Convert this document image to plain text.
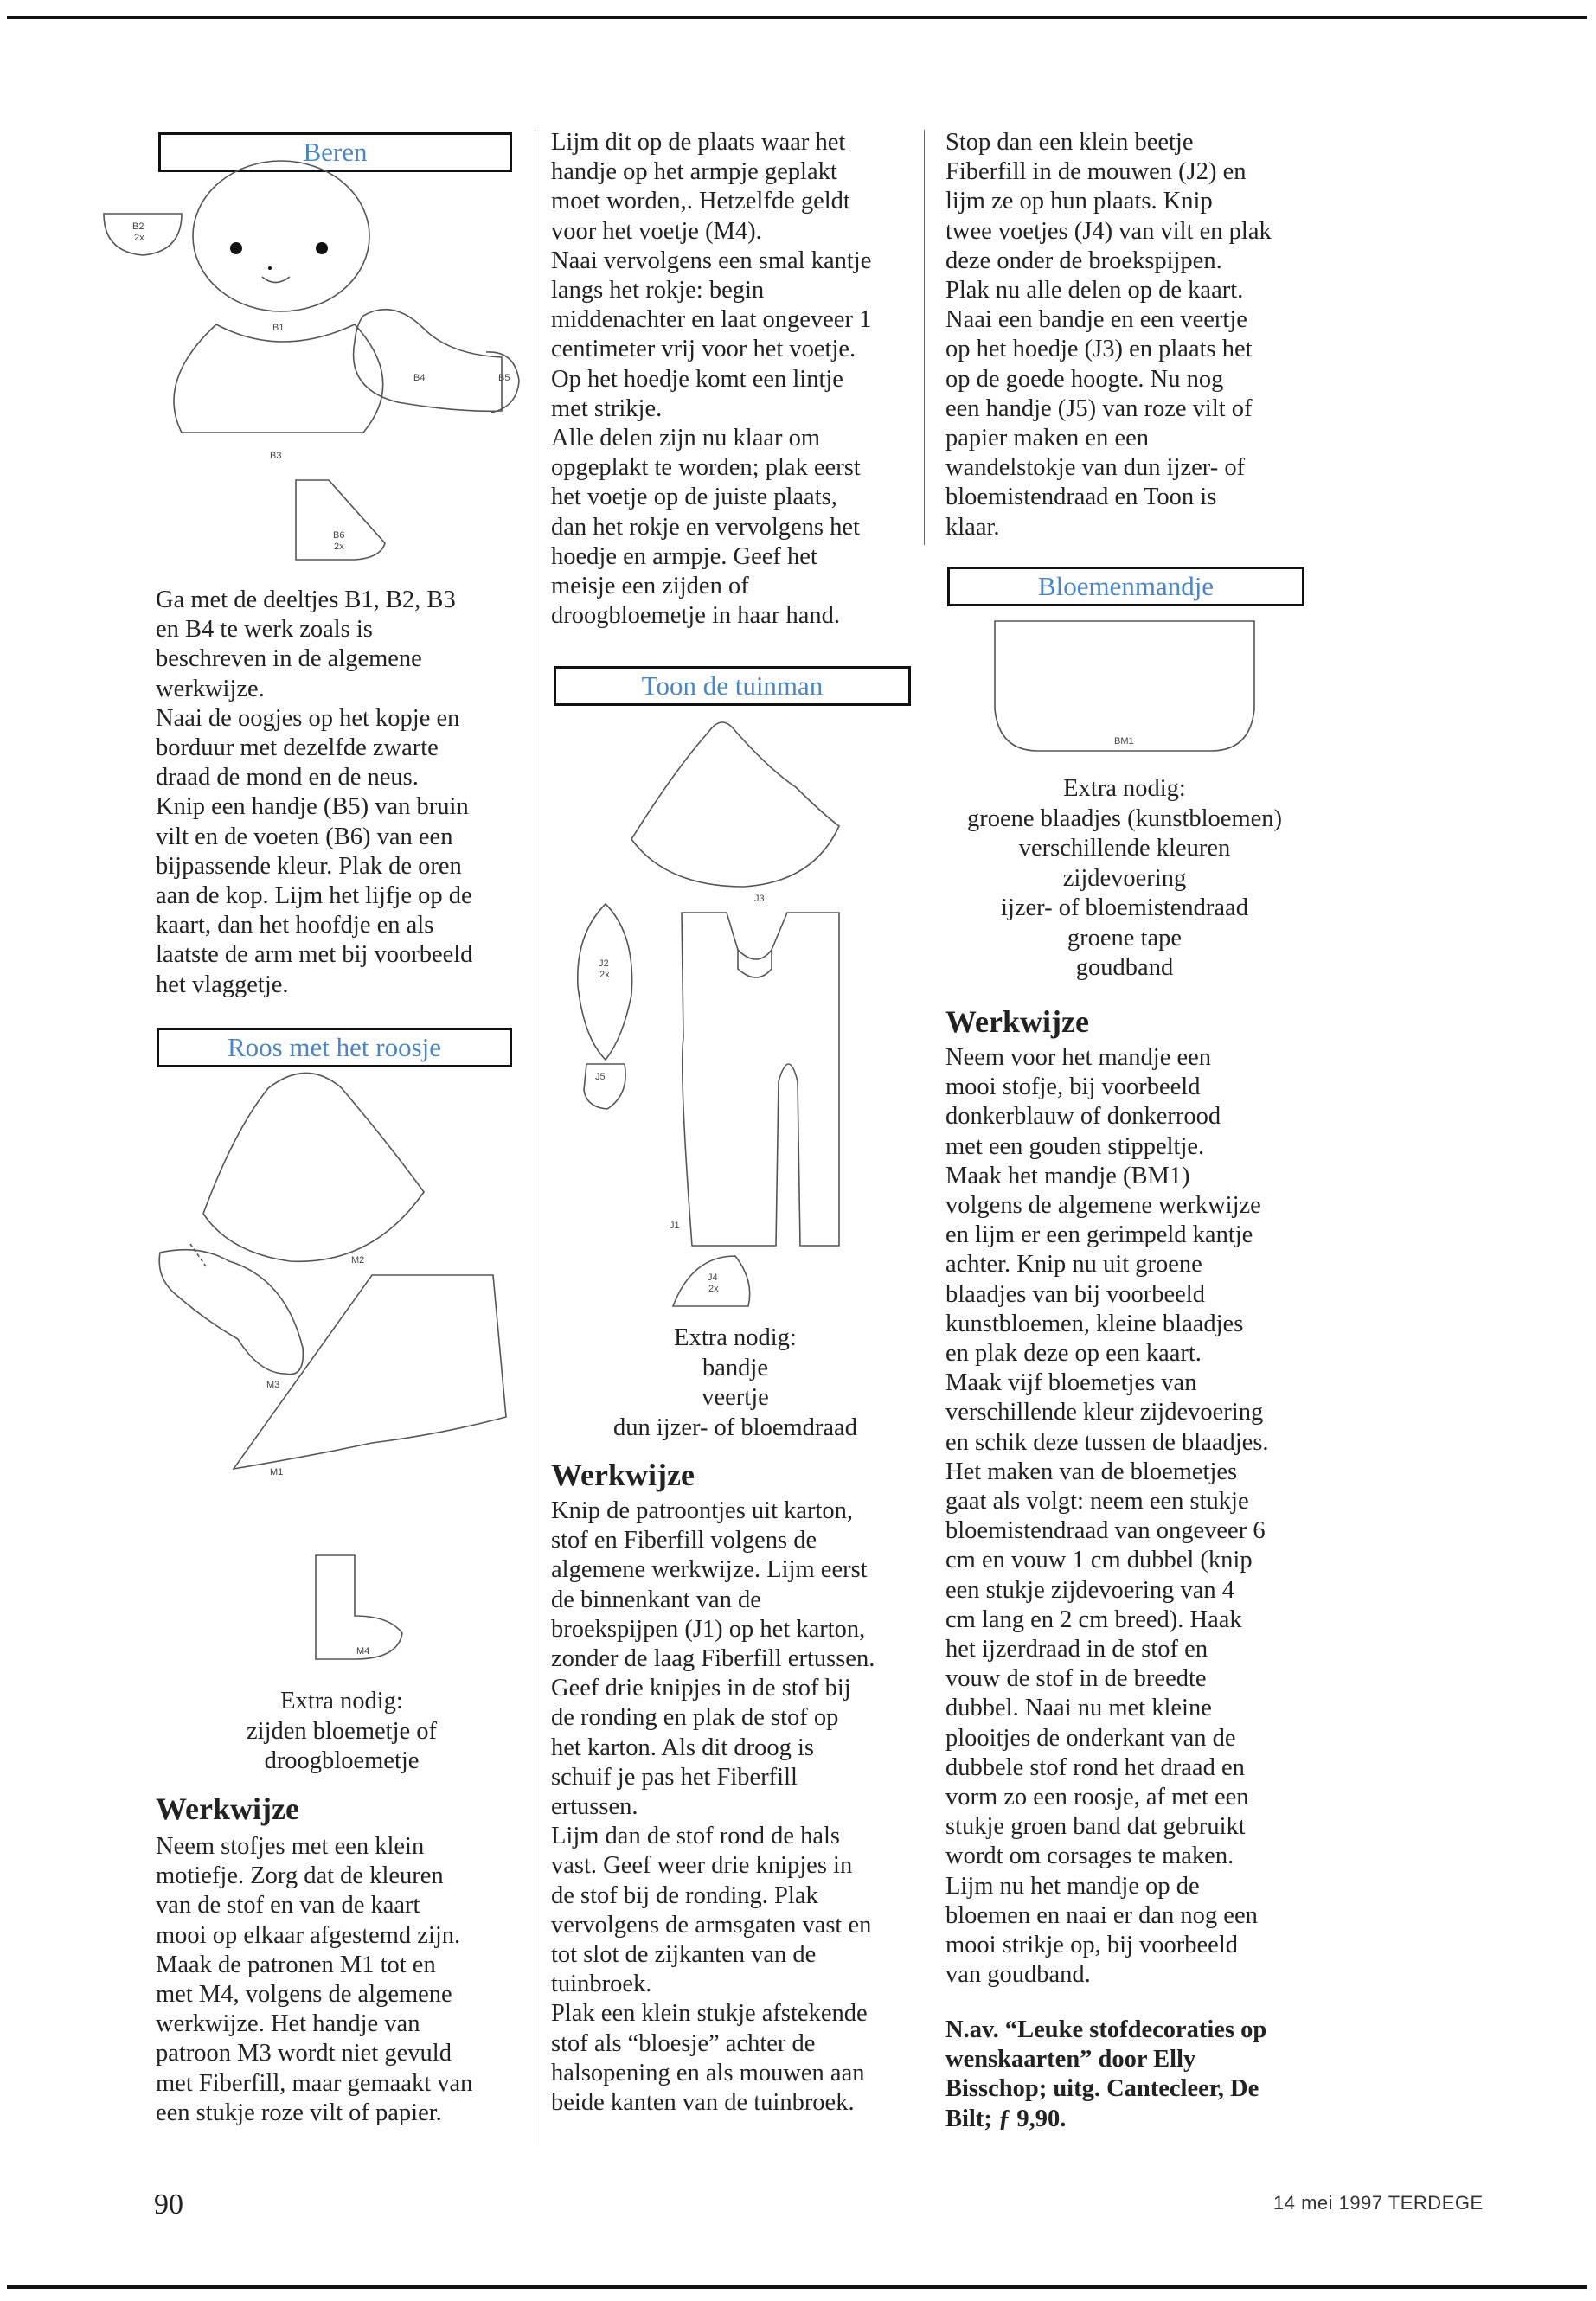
Beren
B2
2x
B1
B3
B4	B5
B6
2x

Ga met de deeltjes B1, B2, B3
en B4 te werk zoals is
beschreven in de algemene
werkwijze.
Naai de oogjes op het kopje en
borduur met dezelfde zwarte
draad de mond en de neus.
Knip een handje (B5) van bruin
vilt en de voeten (B6) van een
bijpassende kleur. Plak de oren
aan de kop. Lijm het lijfje op de
kaart, dan het hoofdje en als
laatste de arm met bij voorbeeld
het vlaggetje.

Roos met het roosje
M3
M2
M1
M4
Extra nodig:
zijden bloemetje of
droogbloemetje
Werkwijze

Neem stofjes met een klein
motiefje. Zorg dat de kleuren
van de stof en van de kaart
mooi op elkaar afgestemd zijn.
Maak de patronen M1 tot en
met M4, volgens de algemene
werkwijze. Het handje van
patroon M3 wordt niet gevuld
met Fiberfill, maar gemaakt van
een stukje roze vilt of papier.

Lijm dit op de plaats waar het
handje op het armpje geplakt
moet worden,. Hetzelfde geldt
voor het voetje (M4).
Naai vervolgens een smal kantje
langs het rokje: begin
middenachter en laat ongeveer 1
centimeter vrij voor het voetje.
Op het hoedje komt een lintje
met strikje.
Alle delen zijn nu klaar om
opgeplakt te worden; plak eerst
het voetje op de juiste plaats,
dan het rokje en vervolgens het
hoedje en armpje. Geef het
meisje een zijden of
droogbloemetje in haar hand.

Toon de tuinman
J3
J2
2x
J5
J1
J4
2x
Extra nodig:
bandje
veertje
dun ijzer- of bloemdraad
Werkwijze

Knip de patroontjes uit karton,
stof en Fiberfill volgens de
algemene werkwijze. Lijm eerst
de binnenkant van de
broekspijpen (J1) op het karton,
zonder de laag Fiberfill ertussen.
Geef drie knipjes in de stof bij
de ronding en plak de stof op
het karton. Als dit droog is
schuif je pas het Fiberfill
ertussen.
Lijm dan de stof rond de hals
vast. Geef weer drie knipjes in
de stof bij de ronding. Plak
vervolgens de armsgaten vast en
tot slot de zijkanten van de
tuinbroek.
Plak een klein stukje afstekende
stof als “bloesje” achter de
halsopening en als mouwen aan
beide kanten van de tuinbroek.

Stop dan een klein beetje
Fiberfill in de mouwen (J2) en
lijm ze op hun plaats. Knip
twee voetjes (J4) van vilt en plak
deze onder de broekspijpen.
Plak nu alle delen op de kaart.
Naai een bandje en een veertje
op het hoedje (J3) en plaats het
op de goede hoogte. Nu nog
een handje (J5) van roze vilt of
papier maken en een
wandelstokje van dun ijzer- of
bloemistendraad en Toon is
klaar.

Bloemenmandje
BM1
Extra nodig:
groene blaadjes (kunstbloemen)
verschillende kleuren
zijdevoering
ijzer- of bloemistendraad
groene tape
goudband
Werkwijze

Neem voor het mandje een
mooi stofje, bij voorbeeld
donkerblauw of donkerrood
met een gouden stippeltje.
Maak het mandje (BM1)
volgens de algemene werkwijze
en lijm er een gerimpeld kantje
achter. Knip nu uit groene
blaadjes van bij voorbeeld
kunstbloemen, kleine blaadjes
en plak deze op een kaart.
Maak vijf bloemetjes van
verschillende kleur zijdevoering
en schik deze tussen de blaadjes.
Het maken van de bloemetjes
gaat als volgt: neem een stukje
bloemistendraad van ongeveer 6
cm en vouw 1 cm dubbel (knip
een stukje zijdevoering van 4
cm lang en 2 cm breed). Haak
het ijzerdraad in de stof en
vouw de stof in de breedte
dubbel. Naai nu met kleine
plooitjes de onderkant van de
dubbele stof rond het draad en
vorm zo een roosje, af met een
stukje groen band dat gebruikt
wordt om corsages te maken.
Lijm nu het mandje op de
bloemen en naai er dan nog een
mooi strikje op, bij voorbeeld
van goudband.

N.av. “Leuke stofdecoraties op
wenskaarten” door Elly
Bisschop; uitg. Cantecleer, De
Bilt; ƒ 9,90.

90	14 mei 1997 TERDEGE
